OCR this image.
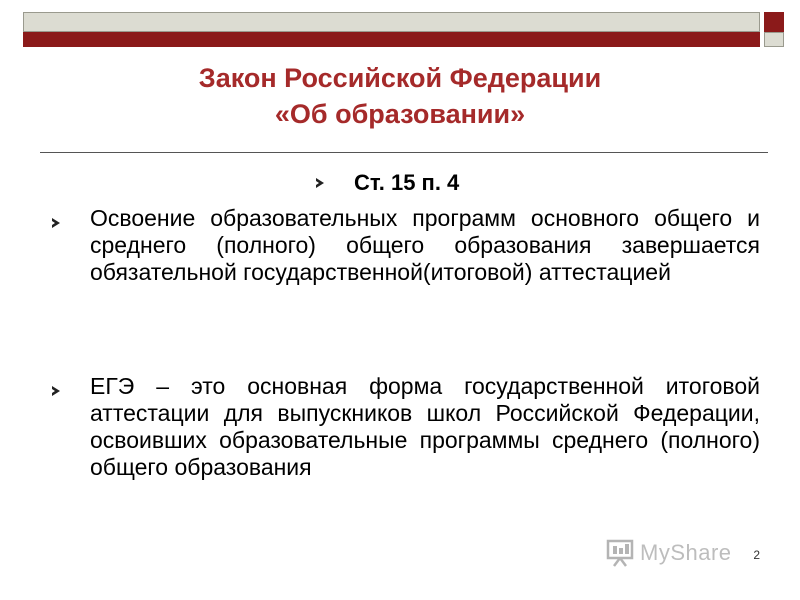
Закон Российской Федерации
«Об образовании»
Ст. 15 п. 4
Освоение образовательных программ основного общего и среднего (полного) общего образования завершается обязательной государственной(итоговой) аттестацией
ЕГЭ – это основная форма государственной итоговой аттестации для выпускников школ Российской Федерации, освоивших образовательные программы среднего (полного) общего образования
MyShare 2
